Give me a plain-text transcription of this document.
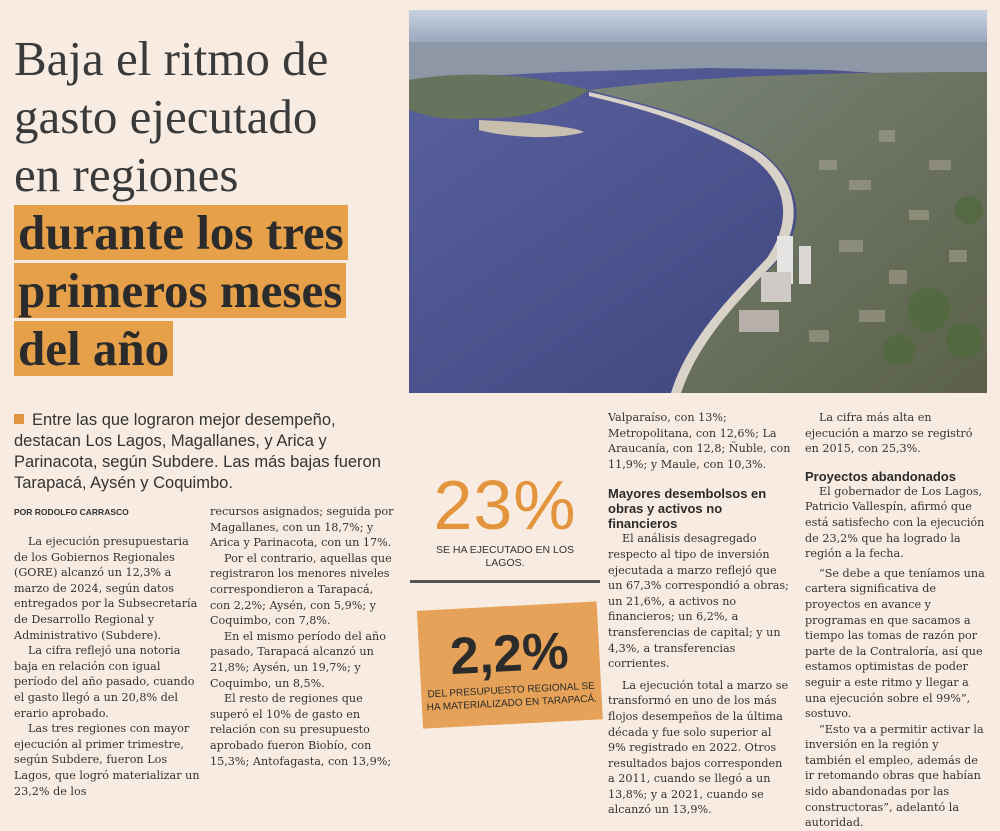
Baja el ritmo de
gasto ejecutado
en regiones
durante los tres primeros meses del año
Entre las que lograron mejor desempeño, destacan Los Lagos, Magallanes, y Arica y Parinacota, según Subdere. Las más bajas fueron Tarapacá, Aysén y Coquimbo.
POR RODOLFO CARRASCO

La ejecución presupuestaria de los Gobiernos Regionales (GORE) alcanzó un 12,3% a marzo de 2024, según datos entregados por la Subsecretaría de Desarrollo Regional y Administrativo (Subdere).

La cifra reflejó una notoria baja en relación con igual período del año pasado, cuando el gasto llegó a un 20,8% del erario aprobado.

Las tres regiones con mayor ejecución al primer trimestre, según Subdere, fueron Los Lagos, que logró materializar un 23,2% de los

recursos asignados; seguida por Magallanes, con un 18,7%; y Arica y Parinacota, con un 17%.

Por el contrario, aquellas que registraron los menores niveles correspondieron a Tarapacá, con 2,2%; Aysén, con 5,9%; y Coquimbo, con 7,8%.

En el mismo período del año pasado, Tarapacá alcanzó un 21,8%; Aysén, un 19,7%; y Coquimbo, un 8,5%.

El resto de regiones que superó el 10% de gasto en relación con su presupuesto aprobado fueron Biobío, con 15,3%; Antofagasta, con 13,9%;

23%
SE HA EJECUTADO EN LOS LAGOS.
2,2%
DEL PRESUPUESTO REGIONAL SE HA MATERIALIZADO EN TARAPACÁ.

Valparaíso, con 13%; Metropolitana, con 12,6%; La Araucanía, con 12,8; Ñuble, con 11,9%; y Maule, con 10,3%.

Mayores desembolsos en obras y activos no financieros

El análisis desagregado respecto al tipo de inversión ejecutada a marzo reflejó que un 67,3% correspondió a obras; un 21,6%, a activos no financieros; un 6,2%, a transferencias de capital; y un 4,3%, a transferencias corrientes.

La ejecución total a marzo se transformó en uno de los más flojos desempeños de la última década y fue solo superior al 9% registrado en 2022. Otros resultados bajos corresponden a 2011, cuando se llegó a un 13,8%; y a 2021, cuando se alcanzó un 13,9%.

La cifra más alta en ejecución a marzo se registró en 2015, con 25,3%.

Proyectos abandonados

El gobernador de Los Lagos, Patricio Vallespín, afirmó que está satisfecho con la ejecución de 23,2% que ha logrado la región a la fecha.

“Se debe a que teníamos una cartera significativa de proyectos en avance y programas en que sacamos a tiempo las tomas de razón por parte de la Contraloría, así que estamos optimistas de poder seguir a este ritmo y llegar a una ejecución sobre el 99%”, sostuvo.

“Esto va a permitir activar la inversión en la región y también el empleo, además de ir retomando obras que habían sido abandonadas por las constructoras”, adelantó la autoridad.
